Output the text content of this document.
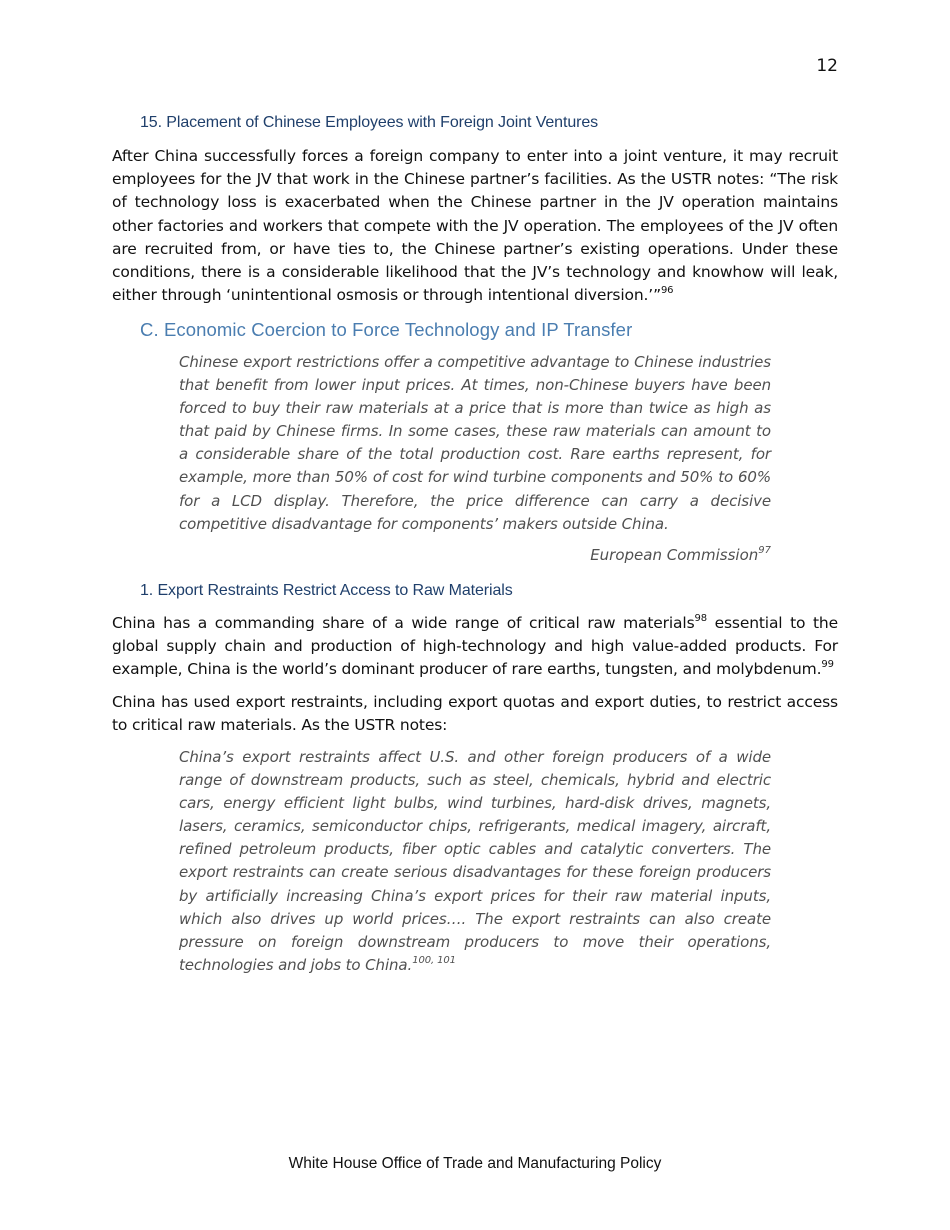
12
15. Placement of Chinese Employees with Foreign Joint Ventures

After China successfully forces a foreign company to enter into a joint venture, it may recruit employees for the JV that work in the Chinese partner’s facilities. As the USTR notes: “The risk of technology loss is exacerbated when the Chinese partner in the JV operation maintains other factories and workers that compete with the JV operation. The employees of the JV often are recruited from, or have ties to, the Chinese partner’s existing operations. Under these conditions, there is a considerable likelihood that the JV’s technology and knowhow will leak, either through ‘unintentional osmosis or through intentional diversion.’”$^{96}$

C. Economic Coercion to Force Technology and IP Transfer

Chinese export restrictions offer a competitive advantage to Chinese industries that benefit from lower input prices. At times, non-Chinese buyers have been forced to buy their raw materials at a price that is more than twice as high as that paid by Chinese firms. In some cases, these raw materials can amount to a considerable share of the total production cost. Rare earths represent, for example, more than 50% of cost for wind turbine components and 50% to 60% for a LCD display. Therefore, the price difference can carry a decisive competitive disadvantage for components’ makers outside China.

European Commission$^{97}$
1. Export Restraints Restrict Access to Raw Materials

China has a commanding share of a wide range of critical raw materials$^{98}$ essential to the global supply chain and production of high-technology and high value-added products. For example, China is the world’s dominant producer of rare earths, tungsten, and molybdenum.$^{99}$

China has used export restraints, including export quotas and export duties, to restrict access to critical raw materials. As the USTR notes:

China’s export restraints affect U.S. and other foreign producers of a wide range of downstream products, such as steel, chemicals, hybrid and electric cars, energy efficient light bulbs, wind turbines, hard-disk drives, magnets, lasers, ceramics, semiconductor chips, refrigerants, medical imagery, aircraft, refined petroleum products, fiber optic cables and catalytic converters. The export restraints can create serious disadvantages for these foreign producers by artificially increasing China’s export prices for their raw material inputs, which also drives up world prices…. The export restraints can also create pressure on foreign downstream producers to move their operations, technologies and jobs to China.$^{100, 101}$

White House Office of Trade and Manufacturing Policy
